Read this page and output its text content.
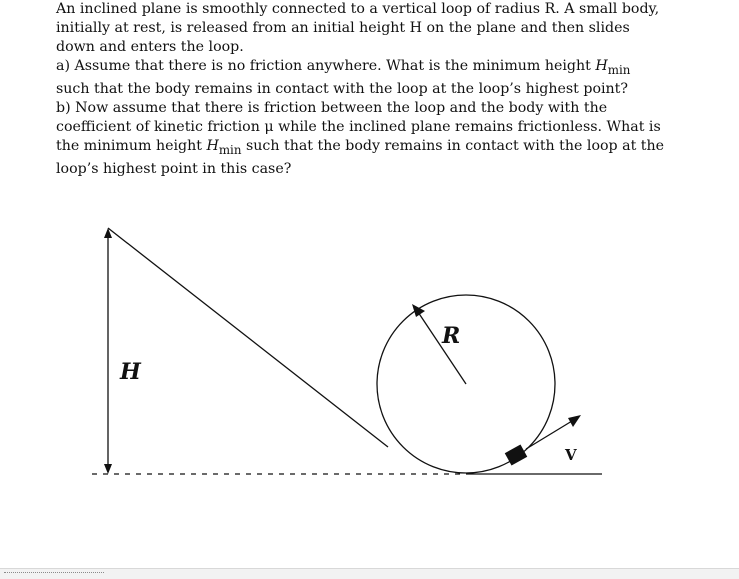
An inclined plane is smoothly connected to a vertical loop of radius R. A small body, initially at rest, is released from an initial height H on the plane and then slides down and enters the loop.

a) Assume that there is no friction anywhere. What is the minimum height $H_{min}$ such that the body remains in contact with the loop at the loop’s highest point?

b) Now assume that there is friction between the loop and the body with the coefficient of kinetic friction μ while the inclined plane remains frictionless. What is the minimum height $H_{min}$ such that the body remains in contact with the loop at the loop’s highest point in this case?

H
R
V
